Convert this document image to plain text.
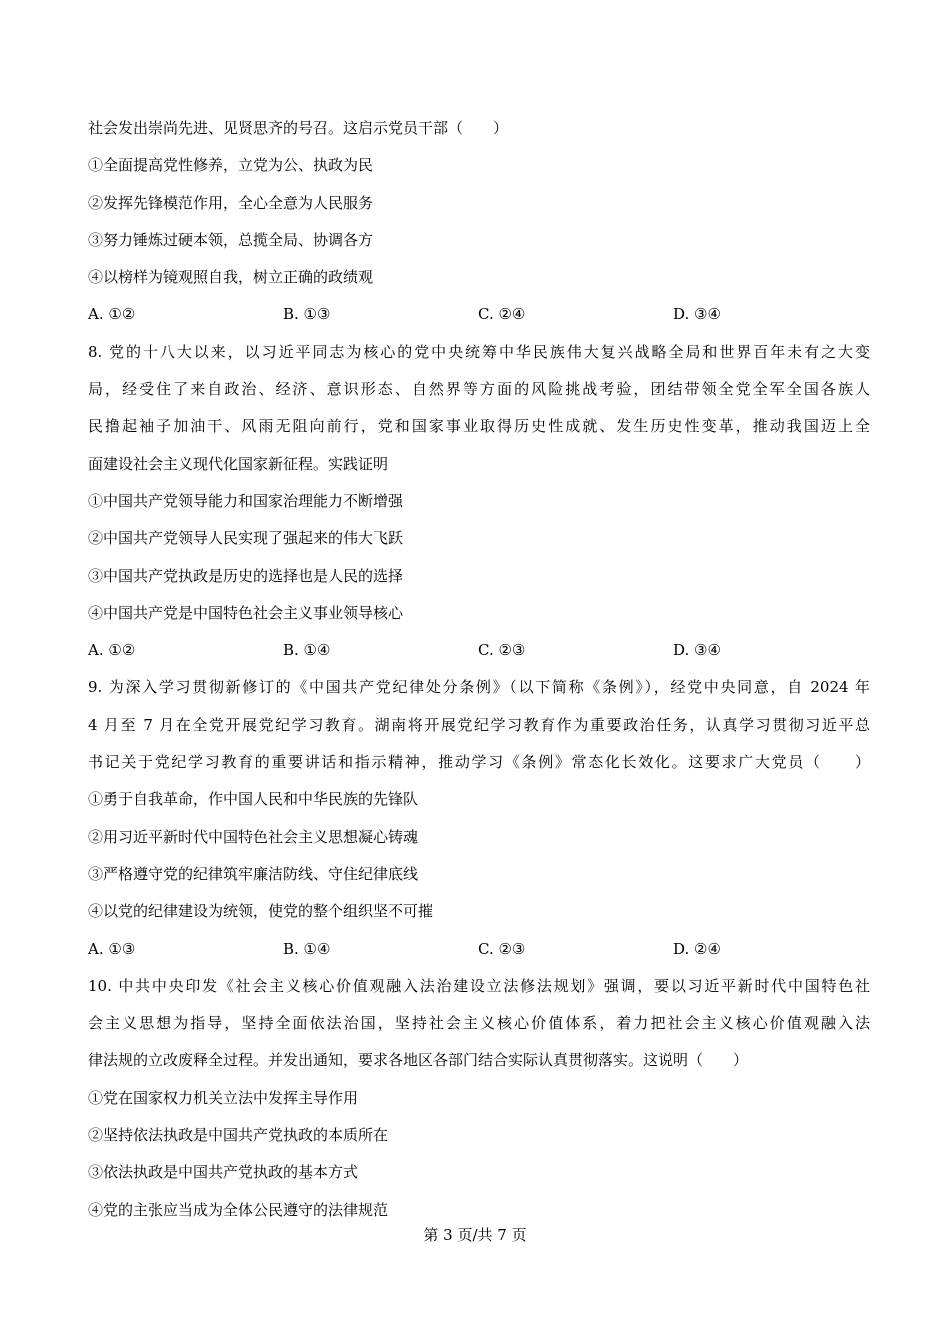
社会发出崇尚先进、见贤思齐的号召。这启示党员干部（　　）
①全面提高党性修养，立党为公、执政为民
②发挥先锋模范作用，全心全意为人民服务
③努力锤炼过硬本领，总揽全局、协调各方
④以榜样为镜观照自我，树立正确的政绩观
A. ①②	B. ①③	C. ②④	D. ③④
8. 党的十八大以来，以习近平同志为核心的党中央统筹中华民族伟大复兴战略全局和世界百年未有之大变
局，经受住了来自政治、经济、意识形态、自然界等方面的风险挑战考验，团结带领全党全军全国各族人
民撸起袖子加油干、风雨无阻向前行，党和国家事业取得历史性成就、发生历史性变革，推动我国迈上全
面建设社会主义现代化国家新征程。实践证明
①中国共产党领导能力和国家治理能力不断增强
②中国共产党领导人民实现了强起来的伟大飞跃
③中国共产党执政是历史的选择也是人民的选择
④中国共产党是中国特色社会主义事业领导核心
A. ①②	B. ①④	C. ②③	D. ③④
9. 为深入学习贯彻新修订的《中国共产党纪律处分条例》（以下简称《条例》），经党中央同意，自 2024 年
4 月至 7 月在全党开展党纪学习教育。湖南将开展党纪学习教育作为重要政治任务，认真学习贯彻习近平总
书记关于党纪学习教育的重要讲话和指示精神，推动学习《条例》常态化长效化。这要求广大党员（　　）
①勇于自我革命，作中国人民和中华民族的先锋队
②用习近平新时代中国特色社会主义思想凝心铸魂
③严格遵守党的纪律筑牢廉洁防线、守住纪律底线
④以党的纪律建设为统领，使党的整个组织坚不可摧
A. ①③	B. ①④	C. ②③	D. ②④
10. 中共中央印发《社会主义核心价值观融入法治建设立法修法规划》强调，要以习近平新时代中国特色社
会主义思想为指导，坚持全面依法治国，坚持社会主义核心价值体系，着力把社会主义核心价值观融入法
律法规的立改废释全过程。并发出通知，要求各地区各部门结合实际认真贯彻落实。这说明（　　）
①党在国家权力机关立法中发挥主导作用
②坚持依法执政是中国共产党执政的本质所在
③依法执政是中国共产党执政的基本方式
④党的主张应当成为全体公民遵守的法律规范
第 3 页/共 7 页
